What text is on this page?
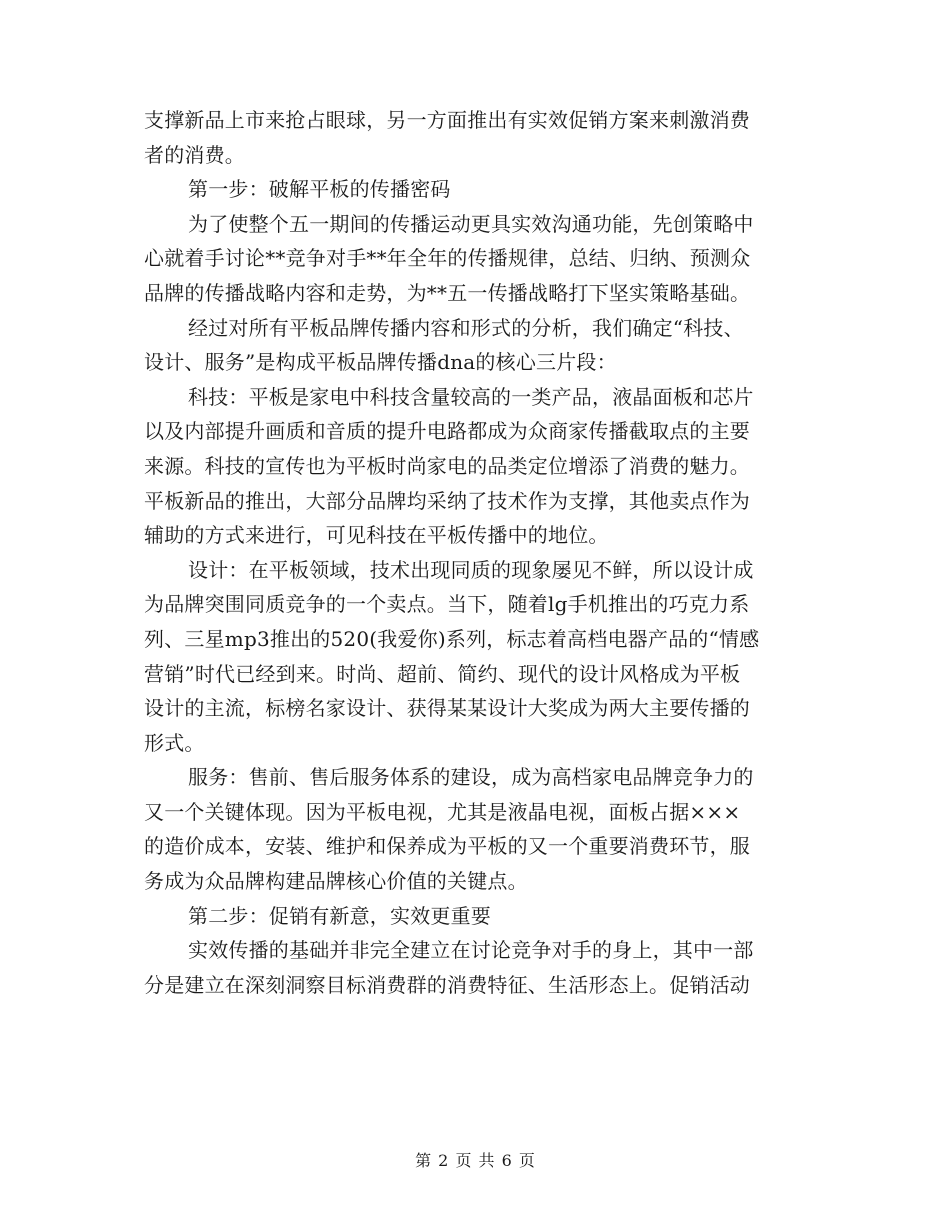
支撑新品上市来抢占眼球，另一方面推出有实效促销方案来刺激消费
者的消费。
第一步：破解平板的传播密码
为了使整个五一期间的传播运动更具实效沟通功能，先创策略中
心就着手讨论**竞争对手**年全年的传播规律，总结、归纳、预测众
品牌的传播战略内容和走势，为**五一传播战略打下坚实策略基础。
经过对所有平板品牌传播内容和形式的分析，我们确定“科技、
设计、服务”是构成平板品牌传播dna的核心三片段：
科技：平板是家电中科技含量较高的一类产品，液晶面板和芯片
以及内部提升画质和音质的提升电路都成为众商家传播截取点的主要
来源。科技的宣传也为平板时尚家电的品类定位增添了消费的魅力。
平板新品的推出，大部分品牌均采纳了技术作为支撑，其他卖点作为
辅助的方式来进行，可见科技在平板传播中的地位。
设计：在平板领域，技术出现同质的现象屡见不鲜，所以设计成
为品牌突围同质竞争的一个卖点。当下，随着lg手机推出的巧克力系
列、三星mp3推出的520(我爱你)系列，标志着高档电器产品的“情感
营销”时代已经到来。时尚、超前、简约、现代的设计风格成为平板
设计的主流，标榜名家设计、获得某某设计大奖成为两大主要传播的
形式。
服务：售前、售后服务体系的建设，成为高档家电品牌竞争力的
又一个关键体现。因为平板电视，尤其是液晶电视，面板占据×××
的造价成本，安装、维护和保养成为平板的又一个重要消费环节，服
务成为众品牌构建品牌核心价值的关键点。
第二步：促销有新意，实效更重要
实效传播的基础并非完全建立在讨论竞争对手的身上，其中一部
分是建立在深刻洞察目标消费群的消费特征、生活形态上。促销活动
第 2 页 共 6 页
